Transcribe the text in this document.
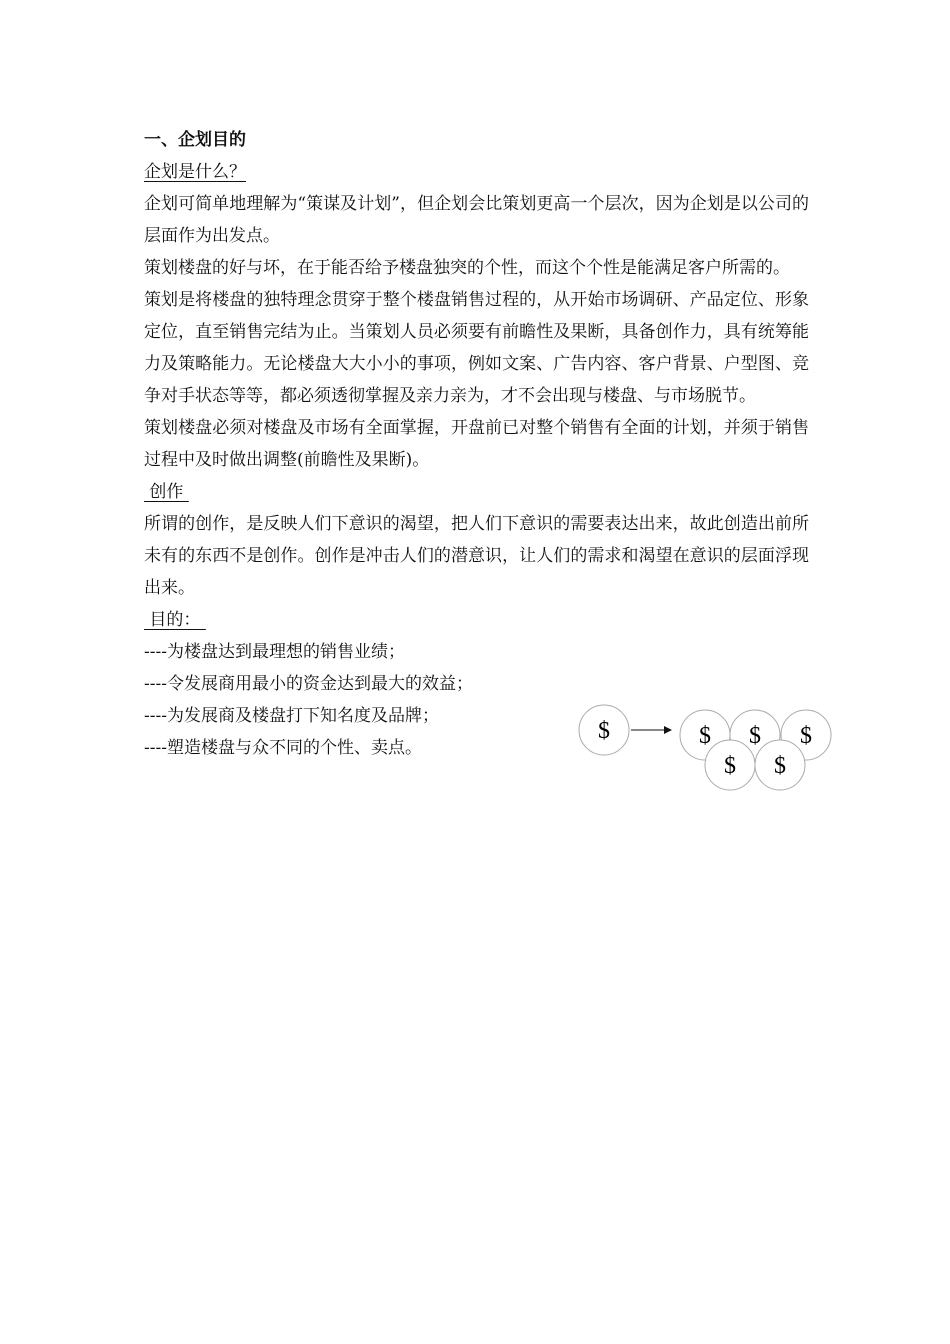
一、企划目的
企划是什么？
企划可简单地理解为“策谋及计划”，但企划会比策划更高一个层次，因为企划是以公司的层面作为出发点。
策划楼盘的好与坏，在于能否给予楼盘独突的个性，而这个个性是能满足客户所需的。
策划是将楼盘的独特理念贯穿于整个楼盘销售过程的，从开始市场调研、产品定位、形象定位，直至销售完结为止。当策划人员必须要有前瞻性及果断，具备创作力，具有统筹能力及策略能力。无论楼盘大大小小的事项，例如文案、广告内容、客户背景、户型图、竞争对手状态等等，都必须透彻掌握及亲力亲为，才不会出现与楼盘、与市场脱节。
策划楼盘必须对楼盘及市场有全面掌握，开盘前已对整个销售有全面的计划，并须于销售过程中及时做出调整(前瞻性及果断)。
创作
所谓的创作，是反映人们下意识的渴望，把人们下意识的需要表达出来，故此创造出前所未有的东西不是创作。创作是冲击人们的潜意识，让人们的需求和渴望在意识的层面浮现出来。
目的：
----为楼盘达到最理想的销售业绩；
----令发展商用最小的资金达到最大的效益；
----为发展商及楼盘打下知名度及品牌；
----塑造楼盘与众不同的个性、卖点。
$	$ $ $
$ $
